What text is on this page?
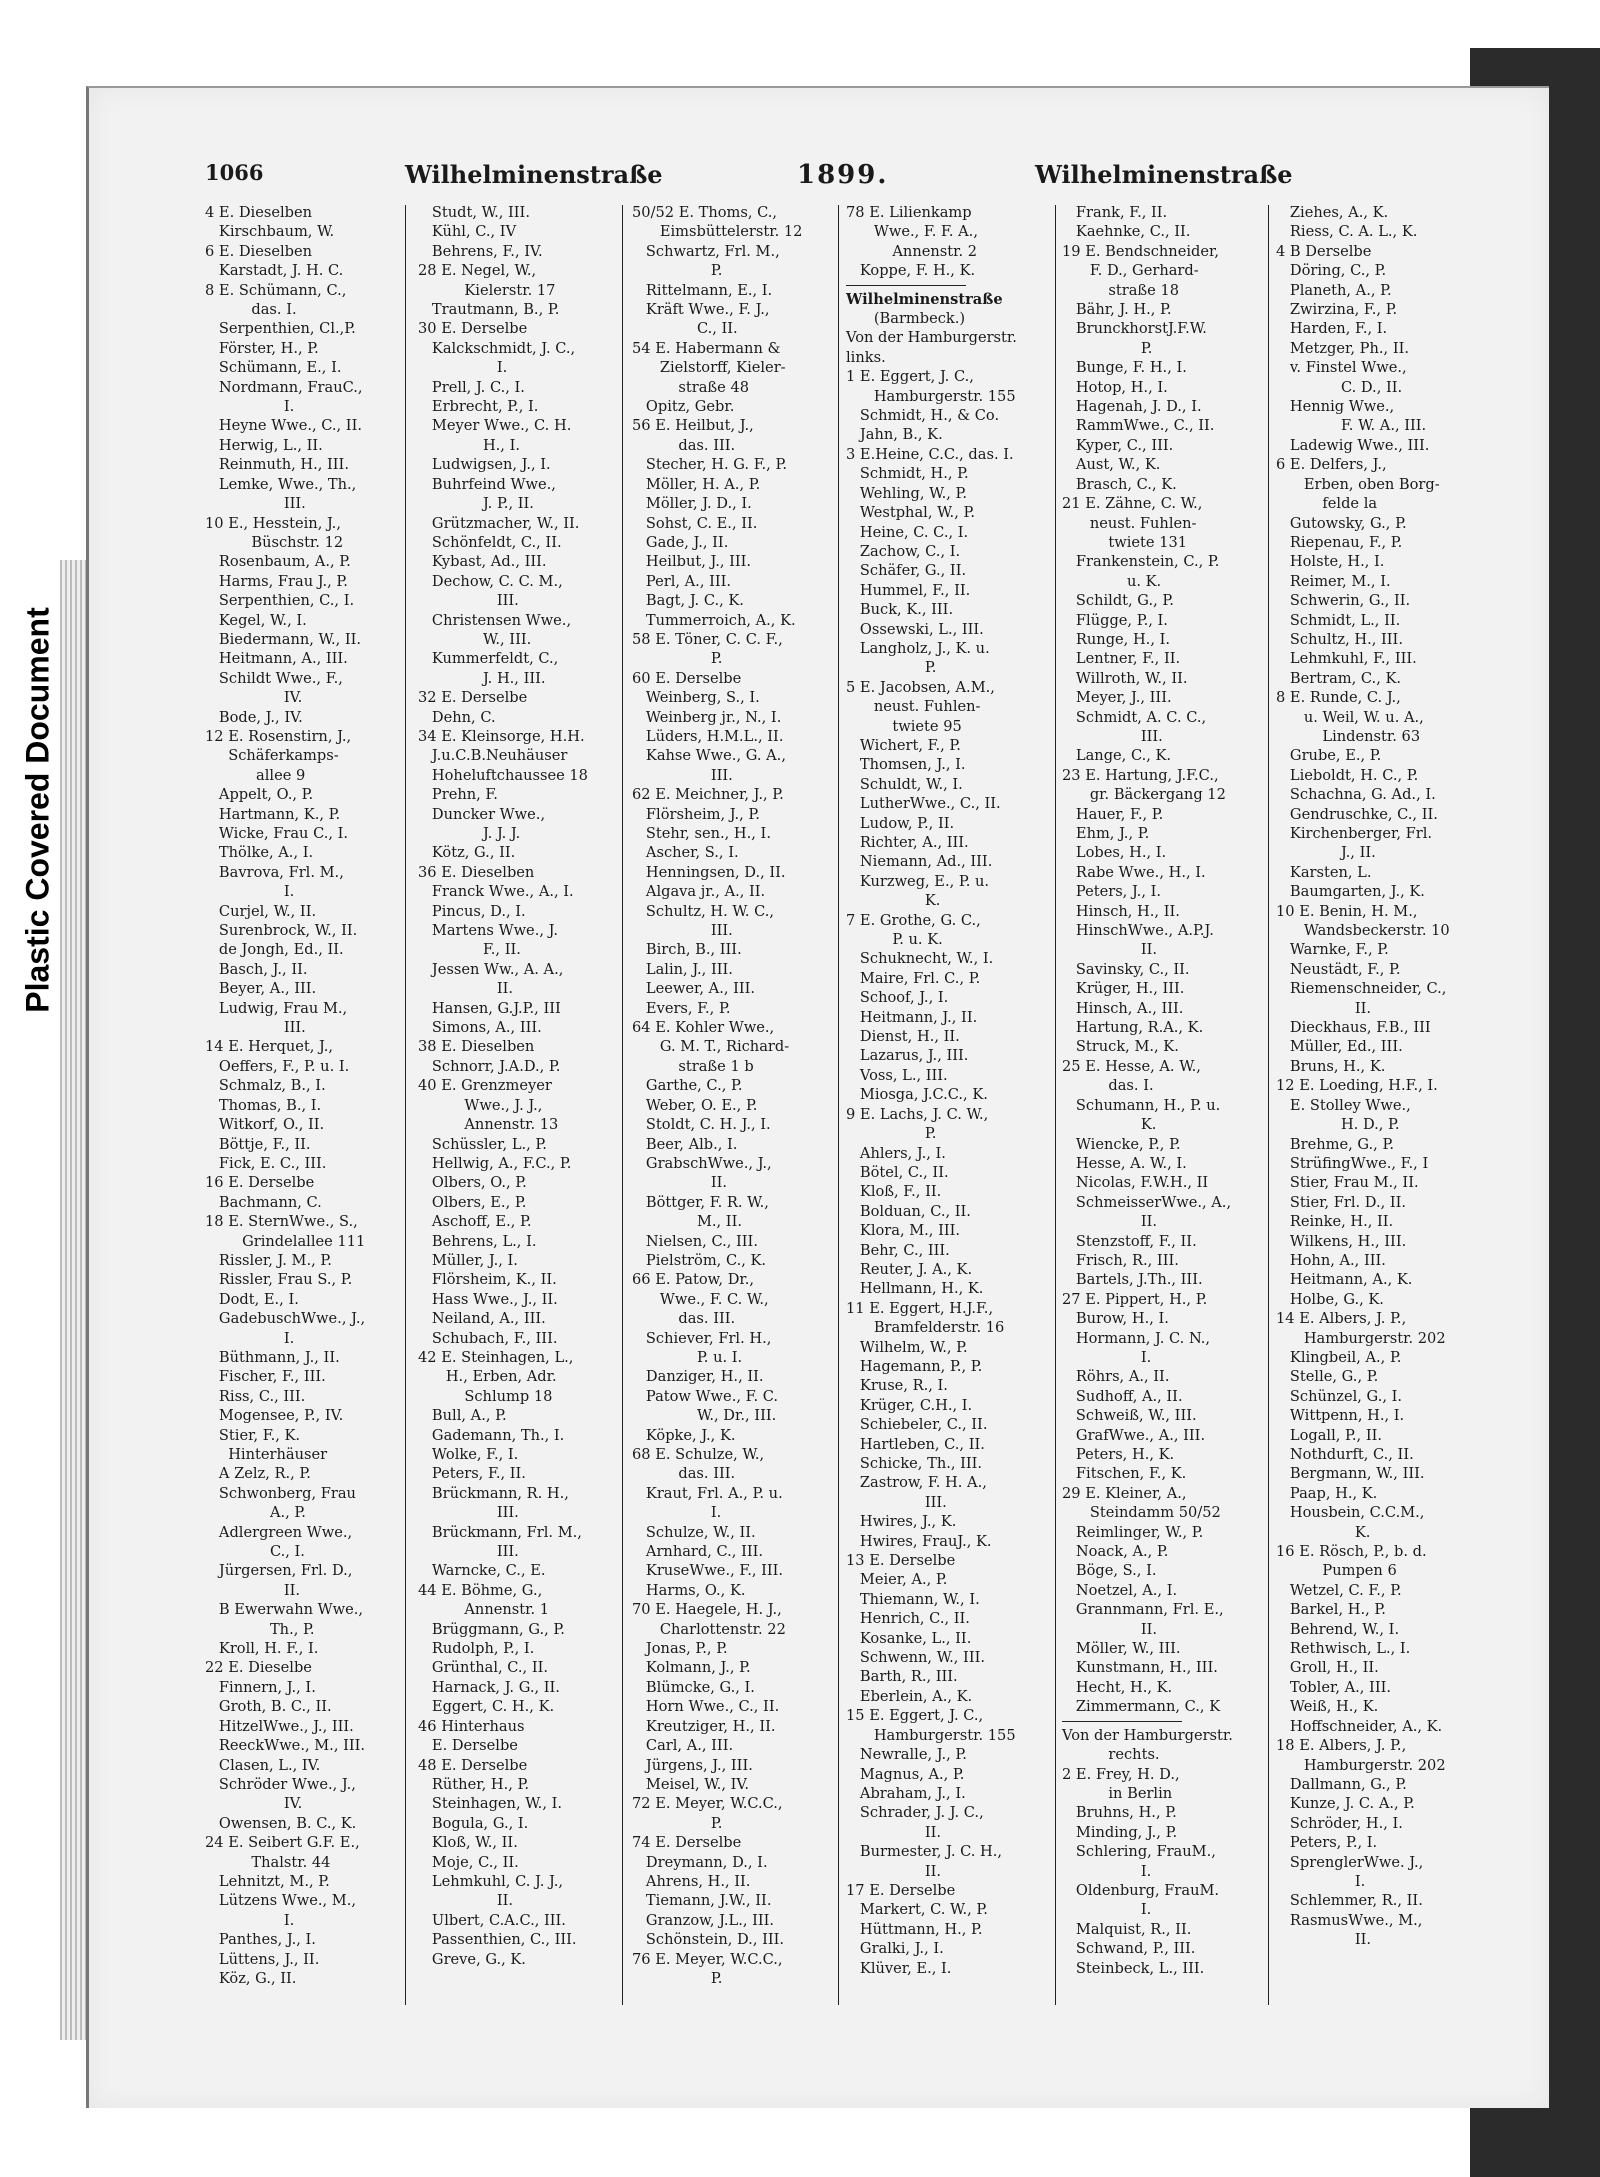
Plastic Covered Document
1066	Wilhelminenstraße	1899.	Wilhelminenstraße
4 E. Dieselben
Kirschbaum, W.
6 E. Dieselben
Karstadt, J. H. C.
8 E. Schümann, C.,
das. I.
Serpenthien, Cl.,P.
Förster, H., P.
Schümann, E., I.
Nordmann, FrauC.,
I.
Heyne Wwe., C., II.
Herwig, L., II.
Reinmuth, H., III.
Lemke, Wwe., Th.,
III.
10 E., Hesstein, J.,
Büschstr. 12
Rosenbaum, A., P.
Harms, Frau J., P.
Serpenthien, C., I.
Kegel, W., I.
Biedermann, W., II.
Heitmann, A., III.
Schildt Wwe., F.,
IV.
Bode, J., IV.
12 E. Rosenstirn, J.,
Schäferkamps-
allee 9
Appelt, O., P.
Hartmann, K., P.
Wicke, Frau C., I.
Thölke, A., I.
Bavrova, Frl. M.,
I.
Curjel, W., II.
Surenbrock, W., II.
de Jongh, Ed., II.
Basch, J., II.
Beyer, A., III.
Ludwig, Frau M.,
III.
14 E. Herquet, J.,
Oeffers, F., P. u. I.
Schmalz, B., I.
Thomas, B., I.
Witkorf, O., II.
Böttje, F., II.
Fick, E. C., III.
16 E. Derselbe
Bachmann, C.
18 E. SternWwe., S.,
Grindelallee 111
Rissler, J. M., P.
Rissler, Frau S., P.
Dodt, E., I.
GadebuschWwe., J.,
I.
Büthmann, J., II.
Fischer, F., III.
Riss, C., III.
Mogensee, P., IV.
Stier, F., K.
Hinterhäuser
A Zelz, R., P.
Schwonberg, Frau
A., P.
Adlergreen Wwe.,
C., I.
Jürgersen, Frl. D.,
II.
B Ewerwahn Wwe.,
Th., P.
Kroll, H. F., I.
22 E. Dieselbe
Finnern, J., I.
Groth, B. C., II.
HitzelWwe., J., III.
ReeckWwe., M., III.
Clasen, L., IV.
Schröder Wwe., J.,
IV.
Owensen, B. C., K.
24 E. Seibert G.F. E.,
Thalstr. 44
Lehnitzt, M., P.
Lützens Wwe., M.,
I.
Panthes, J., I.
Lüttens, J., II.
Köz, G., II.
Studt, W., III.
Kühl, C., IV
Behrens, F., IV.
28 E. Negel, W.,
Kielerstr. 17
Trautmann, B., P.
30 E. Derselbe
Kalckschmidt, J. C.,
I.
Prell, J. C., I.
Erbrecht, P., I.
Meyer Wwe., C. H.
H., I.
Ludwigsen, J., I.
Buhrfeind Wwe.,
J. P., II.
Grützmacher, W., II.
Schönfeldt, C., II.
Kybast, Ad., III.
Dechow, C. C. M.,
III.
Christensen Wwe.,
W., III.
Kummerfeldt, C.,
J. H., III.
32 E. Derselbe
Dehn, C.
34 E. Kleinsorge, H.H.
J.u.C.B.Neuhäuser
Hoheluftchaussee 18
Prehn, F.
Duncker Wwe.,
J. J. J.
Kötz, G., II.
36 E. Dieselben
Franck Wwe., A., I.
Pincus, D., I.
Martens Wwe., J.
F., II.
Jessen Ww., A. A.,
II.
Hansen, G.J.P., III
Simons, A., III.
38 E. Dieselben
Schnorr, J.A.D., P.
40 E. Grenzmeyer
Wwe., J. J.,
Annenstr. 13
Schüssler, L., P.
Hellwig, A., F.C., P.
Olbers, O., P.
Olbers, E., P.
Aschoff, E., P.
Behrens, L., I.
Müller, J., I.
Flörsheim, K., II.
Hass Wwe., J., II.
Neiland, A., III.
Schubach, F., III.
42 E. Steinhagen, L.,
H., Erben, Adr.
Schlump 18
Bull, A., P.
Gademann, Th., I.
Wolke, F., I.
Peters, F., II.
Brückmann, R. H.,
III.
Brückmann, Frl. M.,
III.
Warncke, C., E.
44 E. Böhme, G.,
Annenstr. 1
Brüggmann, G., P.
Rudolph, P., I.
Grünthal, C., II.
Harnack, J. G., II.
Eggert, C. H., K.
46 Hinterhaus
E. Derselbe
48 E. Derselbe
Rüther, H., P.
Steinhagen, W., I.
Bogula, G., I.
Kloß, W., II.
Moje, C., II.
Lehmkuhl, C. J. J.,
II.
Ulbert, C.A.C., III.
Passenthien, C., III.
Greve, G., K.
50/52 E. Thoms, C.,
Eimsbüttelerstr. 12
Schwartz, Frl. M.,
P.
Rittelmann, E., I.
Kräft Wwe., F. J.,
C., II.
54 E. Habermann &
Zielstorff, Kieler-
straße 48
Opitz, Gebr.
56 E. Heilbut, J.,
das. III.
Stecher, H. G. F., P.
Möller, H. A., P.
Möller, J. D., I.
Sohst, C. E., II.
Gade, J., II.
Heilbut, J., III.
Perl, A., III.
Bagt, J. C., K.
Tummerroich, A., K.
58 E. Töner, C. C. F.,
P.
60 E. Derselbe
Weinberg, S., I.
Weinberg jr., N., I.
Lüders, H.M.L., II.
Kahse Wwe., G. A.,
III.
62 E. Meichner, J., P.
Flörsheim, J., P.
Stehr, sen., H., I.
Ascher, S., I.
Henningsen, D., II.
Algava jr., A., II.
Schultz, H. W. C.,
III.
Birch, B., III.
Lalin, J., III.
Leewer, A., III.
Evers, F., P.
64 E. Kohler Wwe.,
G. M. T., Richard-
straße 1 b
Garthe, C., P.
Weber, O. E., P.
Stoldt, C. H. J., I.
Beer, Alb., I.
GrabschWwe., J.,
II.
Böttger, F. R. W.,
M., II.
Nielsen, C., III.
Pielström, C., K.
66 E. Patow, Dr.,
Wwe., F. C. W.,
das. III.
Schiever, Frl. H.,
P. u. I.
Danziger, H., II.
Patow Wwe., F. C.
W., Dr., III.
Köpke, J., K.
68 E. Schulze, W.,
das. III.
Kraut, Frl. A., P. u.
I.
Schulze, W., II.
Arnhard, C., III.
KruseWwe., F., III.
Harms, O., K.
70 E. Haegele, H. J.,
Charlottenstr. 22
Jonas, P., P.
Kolmann, J., P.
Blümcke, G., I.
Horn Wwe., C., II.
Kreutziger, H., II.
Carl, A., III.
Jürgens, J., III.
Meisel, W., IV.
72 E. Meyer, W.C.C.,
P.
74 E. Derselbe
Dreymann, D., I.
Ahrens, H., II.
Tiemann, J.W., II.
Granzow, J.L., III.
Schönstein, D., III.
76 E. Meyer, W.C.C.,
P.
78 E. Lilienkamp
Wwe., F. F. A.,
Annenstr. 2
Koppe, F. H., K.
Wilhelminenstraße
(Barmbeck.)
Von der Hamburgerstr.
links.
1 E. Eggert, J. C.,
Hamburgerstr. 155
Schmidt, H., & Co.
Jahn, B., K.
3 E.Heine, C.C., das. I.
Schmidt, H., P.
Wehling, W., P.
Westphal, W., P.
Heine, C. C., I.
Zachow, C., I.
Schäfer, G., II.
Hummel, F., II.
Buck, K., III.
Ossewski, L., III.
Langholz, J., K. u.
P.
5 E. Jacobsen, A.M.,
neust. Fuhlen-
twiete 95
Wichert, F., P.
Thomsen, J., I.
Schuldt, W., I.
LutherWwe., C., II.
Ludow, P., II.
Richter, A., III.
Niemann, Ad., III.
Kurzweg, E., P. u.
K.
7 E. Grothe, G. C.,
P. u. K.
Schuknecht, W., I.
Maire, Frl. C., P.
Schoof, J., I.
Heitmann, J., II.
Dienst, H., II.
Lazarus, J., III.
Voss, L., III.
Miosga, J.C.C., K.
9 E. Lachs, J. C. W.,
P.
Ahlers, J., I.
Bötel, C., II.
Kloß, F., II.
Bolduan, C., II.
Klora, M., III.
Behr, C., III.
Reuter, J. A., K.
Hellmann, H., K.
11 E. Eggert, H.J.F.,
Bramfelderstr. 16
Wilhelm, W., P.
Hagemann, P., P.
Kruse, R., I.
Krüger, C.H., I.
Schiebeler, C., II.
Hartleben, C., II.
Schicke, Th., III.
Zastrow, F. H. A.,
III.
Hwires, J., K.
Hwires, FrauJ., K.
13 E. Derselbe
Meier, A., P.
Thiemann, W., I.
Henrich, C., II.
Kosanke, L., II.
Schwenn, W., III.
Barth, R., III.
Eberlein, A., K.
15 E. Eggert, J. C.,
Hamburgerstr. 155
Newralle, J., P.
Magnus, A., P.
Abraham, J., I.
Schrader, J. J. C.,
II.
Burmester, J. C. H.,
II.
17 E. Derselbe
Markert, C. W., P.
Hüttmann, H., P.
Gralki, J., I.
Klüver, E., I.
Frank, F., II.
Kaehnke, C., II.
19 E. Bendschneider,
F. D., Gerhard-
straße 18
Bähr, J. H., P.
BrunckhorstJ.F.W.
P.
Bunge, F. H., I.
Hotop, H., I.
Hagenah, J. D., I.
RammWwe., C., II.
Kyper, C., III.
Aust, W., K.
Brasch, C., K.
21 E. Zähne, C. W.,
neust. Fuhlen-
twiete 131
Frankenstein, C., P.
u. K.
Schildt, G., P.
Flügge, P., I.
Runge, H., I.
Lentner, F., II.
Willroth, W., II.
Meyer, J., III.
Schmidt, A. C. C.,
III.
Lange, C., K.
23 E. Hartung, J.F.C.,
gr. Bäckergang 12
Hauer, F., P.
Ehm, J., P.
Lobes, H., I.
Rabe Wwe., H., I.
Peters, J., I.
Hinsch, H., II.
HinschWwe., A.P.J.
II.
Savinsky, C., II.
Krüger, H., III.
Hinsch, A., III.
Hartung, R.A., K.
Struck, M., K.
25 E. Hesse, A. W.,
das. I.
Schumann, H., P. u.
K.
Wiencke, P., P.
Hesse, A. W., I.
Nicolas, F.W.H., II
SchmeisserWwe., A.,
II.
Stenzstoff, F., II.
Frisch, R., III.
Bartels, J.Th., III.
27 E. Pippert, H., P.
Burow, H., I.
Hormann, J. C. N.,
I.
Röhrs, A., II.
Sudhoff, A., II.
Schweiß, W., III.
GrafWwe., A., III.
Peters, H., K.
Fitschen, F., K.
29 E. Kleiner, A.,
Steindamm 50/52
Reimlinger, W., P.
Noack, A., P.
Böge, S., I.
Noetzel, A., I.
Grannmann, Frl. E.,
II.
Möller, W., III.
Kunstmann, H., III.
Hecht, H., K.
Zimmermann, C., K
Von der Hamburgerstr.
rechts.
2 E. Frey, H. D.,
in Berlin
Bruhns, H., P.
Minding, J., P.
Schlering, FrauM.,
I.
Oldenburg, FrauM.
I.
Malquist, R., II.
Schwand, P., III.
Steinbeck, L., III.
Ziehes, A., K.
Riess, C. A. L., K.
4 B Derselbe
Döring, C., P.
Planeth, A., P.
Zwirzina, F., P.
Harden, F., I.
Metzger, Ph., II.
v. Finstel Wwe.,
C. D., II.
Hennig Wwe.,
F. W. A., III.
Ladewig Wwe., III.
6 E. Delfers, J.,
Erben, oben Borg-
felde la
Gutowsky, G., P.
Riepenau, F., P.
Holste, H., I.
Reimer, M., I.
Schwerin, G., II.
Schmidt, L., II.
Schultz, H., III.
Lehmkuhl, F., III.
Bertram, C., K.
8 E. Runde, C. J.,
u. Weil, W. u. A.,
Lindenstr. 63
Grube, E., P.
Lieboldt, H. C., P.
Schachna, G. Ad., I.
Gendruschke, C., II.
Kirchenberger, Frl.
J., II.
Karsten, L.
Baumgarten, J., K.
10 E. Benin, H. M.,
Wandsbeckerstr. 10
Warnke, F., P.
Neustädt, F., P.
Riemenschneider, C.,
II.
Dieckhaus, F.B., III
Müller, Ed., III.
Bruns, H., K.
12 E. Loeding, H.F., I.
E. Stolley Wwe.,
H. D., P.
Brehme, G., P.
StrüfingWwe., F., I
Stier, Frau M., II.
Stier, Frl. D., II.
Reinke, H., II.
Wilkens, H., III.
Hohn, A., III.
Heitmann, A., K.
Holbe, G., K.
14 E. Albers, J. P.,
Hamburgerstr. 202
Klingbeil, A., P.
Stelle, G., P.
Schünzel, G., I.
Wittpenn, H., I.
Logall, P., II.
Nothdurft, C., II.
Bergmann, W., III.
Paap, H., K.
Housbein, C.C.M.,
K.
16 E. Rösch, P., b. d.
Pumpen 6
Wetzel, C. F., P.
Barkel, H., P.
Behrend, W., I.
Rethwisch, L., I.
Groll, H., II.
Tobler, A., III.
Weiß, H., K.
Hoffschneider, A., K.
18 E. Albers, J. P.,
Hamburgerstr. 202
Dallmann, G., P.
Kunze, J. C. A., P.
Schröder, H., I.
Peters, P., I.
SprenglerWwe. J.,
I.
Schlemmer, R., II.
RasmusWwe., M.,
II.
